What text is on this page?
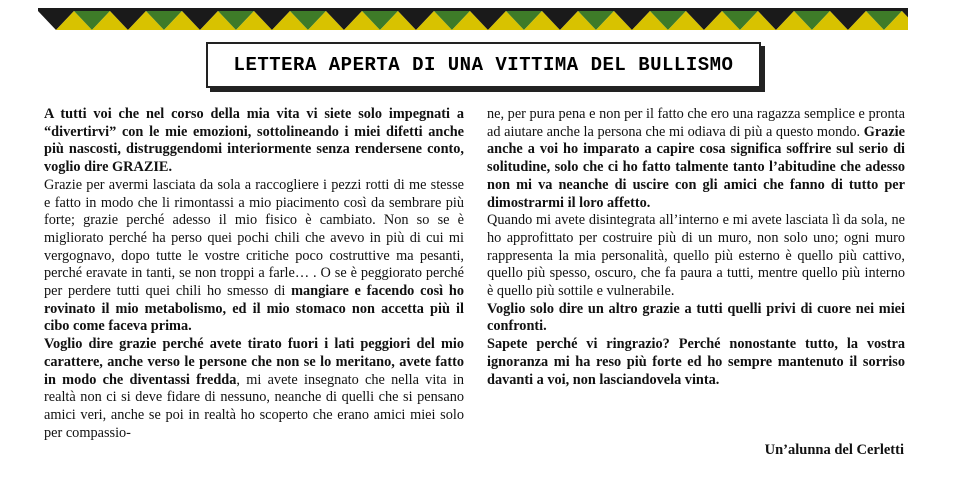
LETTERA APERTA DI UNA VITTIMA DEL BULLISMO

A tutti voi che nel corso della mia vita vi siete solo impegnati a “divertirvi” con le mie emozioni, sottolineando i miei difetti anche più nascosti, distruggendomi interiormente senza rendersene conto, voglio dire GRAZIE.

Grazie per avermi lasciata da sola a raccogliere i pezzi rotti di me stesse e fatto in modo che li rimontassi a mio piacimento così da sembrare più forte; grazie perché adesso il mio fisico è cambiato. Non so se è migliorato perché ha perso quei pochi chili che avevo in più di cui mi vergognavo, dopo tutte le vostre critiche poco costruttive ma pesanti, perché eravate in tanti, se non troppi a farle… . O se è peggiorato perché per perdere tutti quei chili ho smesso di mangiare e facendo così ho rovinato il mio metabolismo, ed il mio stomaco non accetta più il cibo come faceva prima.

Voglio dire grazie perché avete tirato fuori i lati peggiori del mio carattere, anche verso le persone che non se lo meritano, avete fatto in modo che diventassi fredda, mi avete insegnato che nella vita in realtà non ci si deve fidare di nessuno, neanche di quelli che si pensano amici veri, anche se poi in realtà ho scoperto che erano amici miei solo per compassio-

ne, per pura pena e non per il fatto che ero una ragazza semplice e pronta ad aiutare anche la persona che mi odiava di più a questo mondo. Grazie anche a voi ho imparato a capire cosa significa soffrire sul serio di solitudine, solo che ci ho fatto talmente tanto l’abitudine che adesso non mi va neanche di uscire con gli amici che fanno di tutto per dimostrarmi il loro affetto.

Quando mi avete disintegrata all’interno e mi avete lasciata lì da sola, ne ho approfittato per costruire più di un muro, non solo uno; ogni muro rappresenta la mia personalità, quello più esterno è quello più cattivo, quello più spesso, oscuro, che fa paura a tutti, mentre quello più interno è quello più sottile e vulnerabile.

Voglio solo dire un altro grazie a tutti quelli privi di cuore nei miei confronti.

Sapete perché vi ringrazio? Perché nonostante tutto, la vostra ignoranza mi ha reso più forte ed ho sempre mantenuto il sorriso davanti a voi, non lasciandovela vinta.

Un’alunna del Cerletti
